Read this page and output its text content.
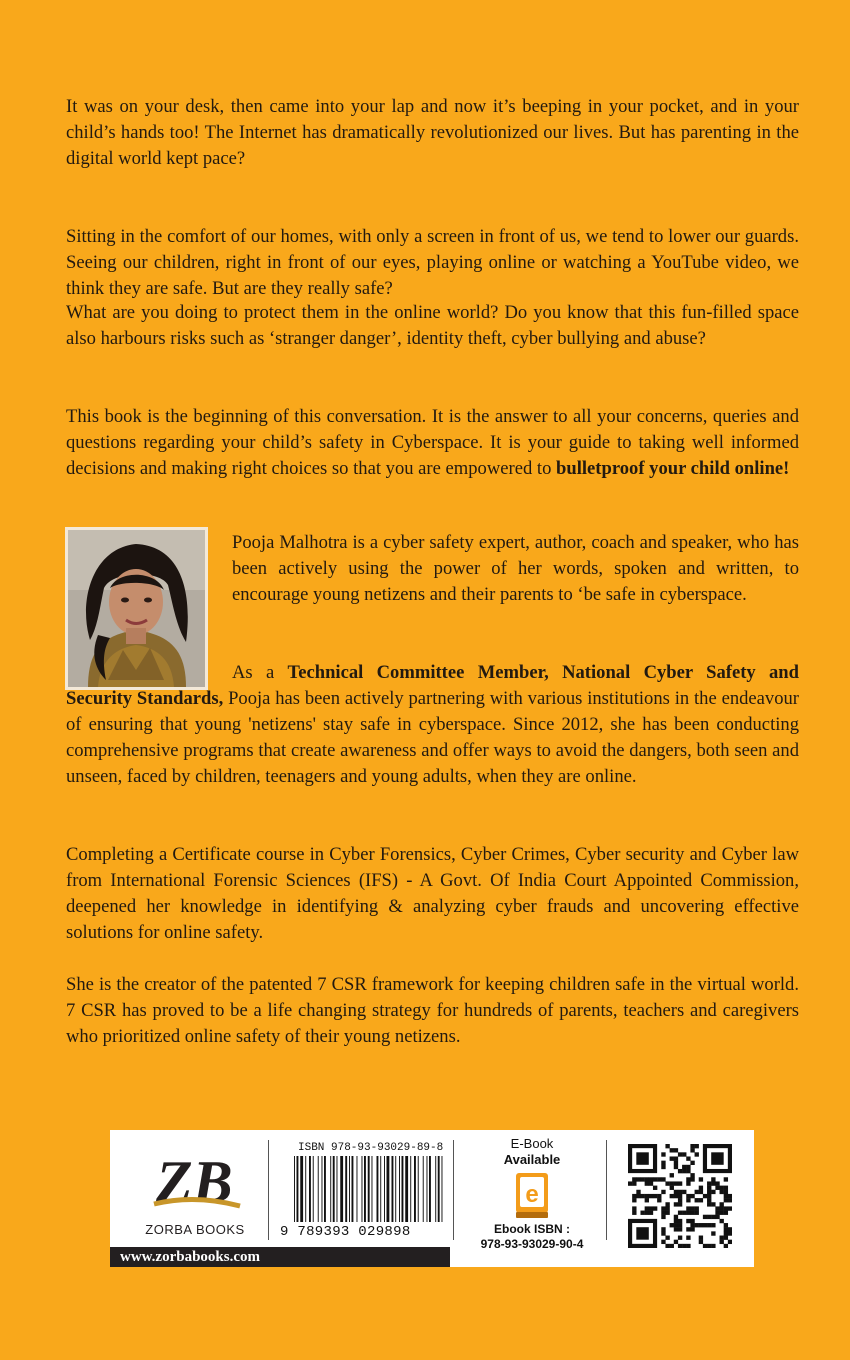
It was on your desk, then came into your lap and now it’s beeping in your pocket, and in your child’s hands too! The Internet has dramatically revolutionized our lives. But has parenting in the digital world kept pace?

Sitting in the comfort of our homes, with only a screen in front of us, we tend to lower our guards. Seeing our children, right in front of our eyes, playing online or watching a YouTube video, we think they are safe. But are they really safe?

What are you doing to protect them in the online world? Do you know that this fun-filled space also harbours risks such as ‘stranger danger’, identity theft, cyber bullying and abuse?

This book is the beginning of this conversation. It is the answer to all your concerns, queries and questions regarding your child’s safety in Cyberspace. It is your guide to taking well informed decisions and making right choices so that you are empowered to bulletproof your child online!

Pooja Malhotra is a cyber safety expert, author, coach and speaker, who has been actively using the power of her words, spoken and written, to encourage young netizens and their parents to ‘be safe in cyberspace.

As a Technical Committee Member, National Cyber Safety and Security Standards, Pooja has been actively partnering with various institutions in the endeavour of ensuring that young 'netizens' stay safe in cyberspace. Since 2012, she has been conducting comprehensive programs that create awareness and offer ways to avoid the dangers, both seen and unseen, faced by children, teenagers and young adults, when they are online.

Completing a Certificate course in Cyber Forensics, Cyber Crimes, Cyber security and Cyber law from International Forensic Sciences (IFS) - A Govt. Of India Court Appointed Commission, deepened her knowledge in identifying & analyzing cyber frauds and uncovering effective solutions for online safety.

She is the creator of the patented 7 CSR framework for keeping children safe in the virtual world. 7 CSR has proved to be a life changing strategy for hundreds of parents, teachers and caregivers who prioritized online safety of their young netizens.

ZB
ZORBA BOOKS
ISBN 978-93-93029-89-8
9 789393 029898
E-Book
Available
e
Ebook ISBN :
978-93-93029-90-4
www.zorbabooks.com
